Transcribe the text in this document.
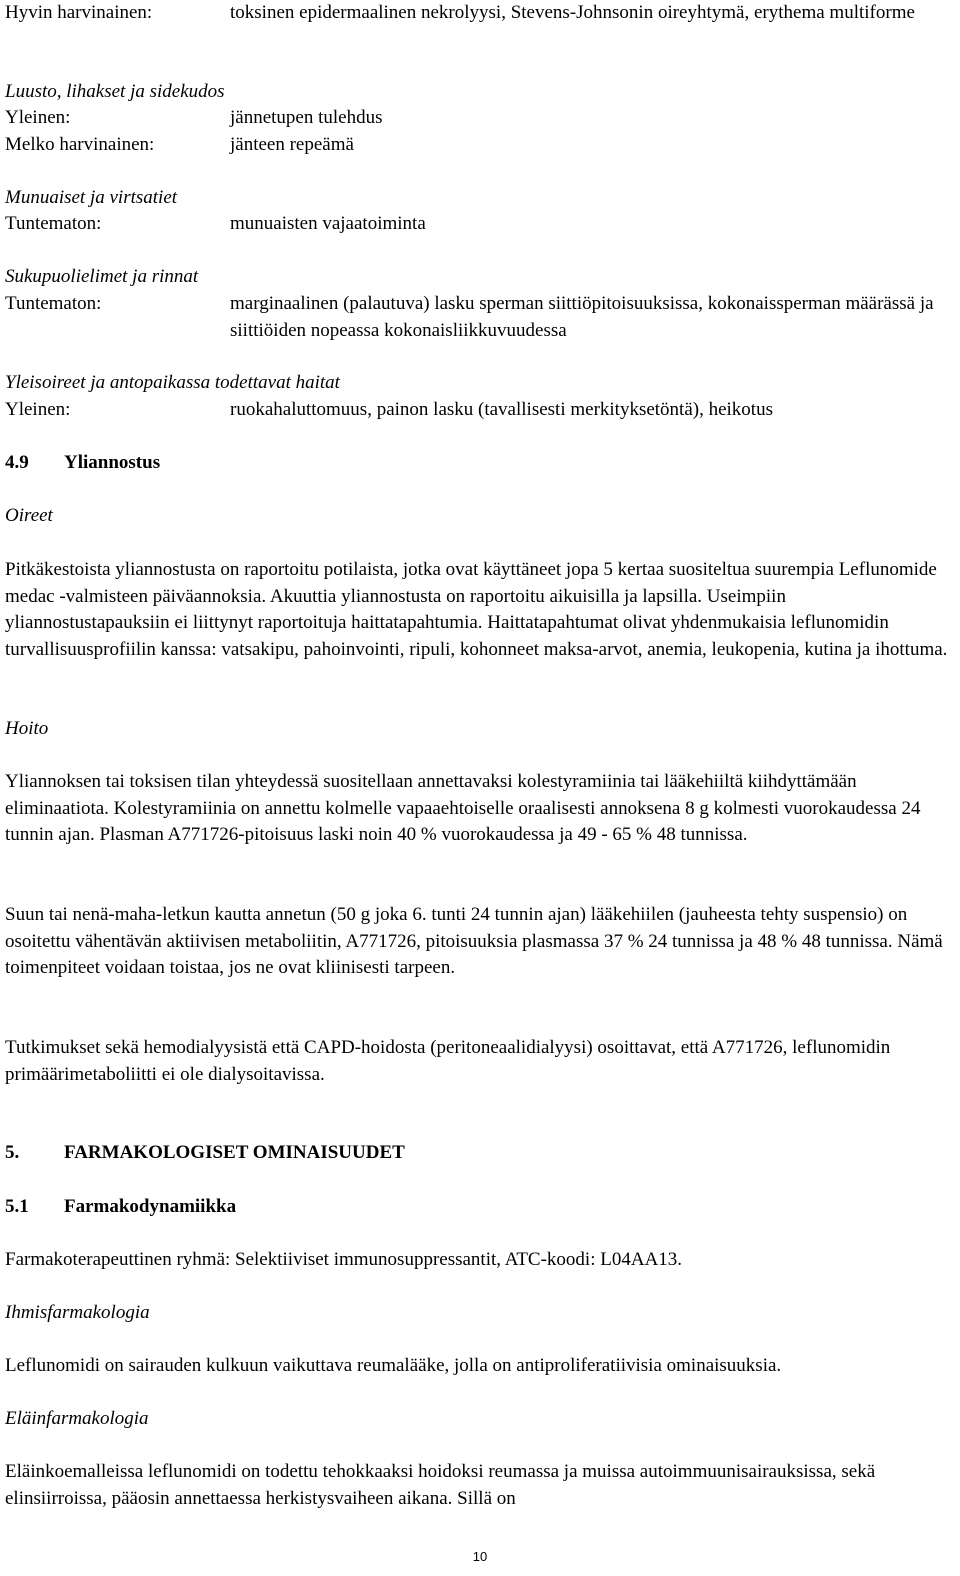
Hyvin harvinainen:	toksinen epidermaalinen nekrolyysi, Stevens-Johnsonin oireyhtymä, erythema multiforme
Luusto, lihakset ja sidekudos
Yleinen:	jännetupen tulehdus
Melko harvinainen:	jänteen repeämä
Munuaiset ja virtsatiet
Tuntematon:	munuaisten vajaatoiminta
Sukupuolielimet ja rinnat
Tuntematon:	marginaalinen (palautuva) lasku sperman siittiöpitoisuuksissa, kokonaissperman määrässä ja siittiöiden nopeassa kokonaisliikkuvuudessa
Yleisoireet ja antopaikassa todettavat haitat
Yleinen:	ruokahaluttomuus, painon lasku (tavallisesti merkityksetöntä), heikotus
4.9	Yliannostus
Oireet

Pitkäkestoista yliannostusta on raportoitu potilaista, jotka ovat käyttäneet jopa 5 kertaa suositeltua suurempia Leflunomide medac -valmisteen päiväannoksia. Akuuttia yliannostusta on raportoitu aikuisilla ja lapsilla. Useimpiin yliannostustapauksiin ei liittynyt raportoituja haittatapahtumia. Haittatapahtumat olivat yhdenmukaisia leflunomidin turvallisuusprofiilin kanssa: vatsakipu, pahoinvointi, ripuli, kohonneet maksa-arvot, anemia, leukopenia, kutina ja ihottuma.

Hoito

Yliannoksen tai toksisen tilan yhteydessä suositellaan annettavaksi kolestyramiinia tai lääkehiiltä kiihdyttämään eliminaatiota. Kolestyramiinia on annettu kolmelle vapaaehtoiselle oraalisesti annoksena 8 g kolmesti vuorokaudessa 24 tunnin ajan. Plasman A771726-pitoisuus laski noin 40 % vuorokaudessa ja 49 - 65 % 48 tunnissa.

Suun tai nenä-maha-letkun kautta annetun (50 g joka 6. tunti 24 tunnin ajan) lääkehiilen (jauheesta tehty suspensio) on osoitettu vähentävän aktiivisen metaboliitin, A771726, pitoisuuksia plasmassa 37 % 24 tunnissa ja 48 % 48 tunnissa. Nämä toimenpiteet voidaan toistaa, jos ne ovat kliinisesti tarpeen.

Tutkimukset sekä hemodialyysistä että CAPD-hoidosta (peritoneaalidialyysi) osoittavat, että A771726, leflunomidin primäärimetaboliitti ei ole dialysoitavissa.

5.	FARMAKOLOGISET OMINAISUUDET
5.1	Farmakodynamiikka

Farmakoterapeuttinen ryhmä: Selektiiviset immunosuppressantit, ATC-koodi: L04AA13.

Ihmisfarmakologia

Leflunomidi on sairauden kulkuun vaikuttava reumalääke, jolla on antiproliferatiivisia ominaisuuksia.

Eläinfarmakologia

Eläinkoemalleissa leflunomidi on todettu tehokkaaksi hoidoksi reumassa ja muissa autoimmuunisairauksissa, sekä elinsiirroissa, pääosin annettaessa herkistysvaiheen aikana. Sillä on

10
